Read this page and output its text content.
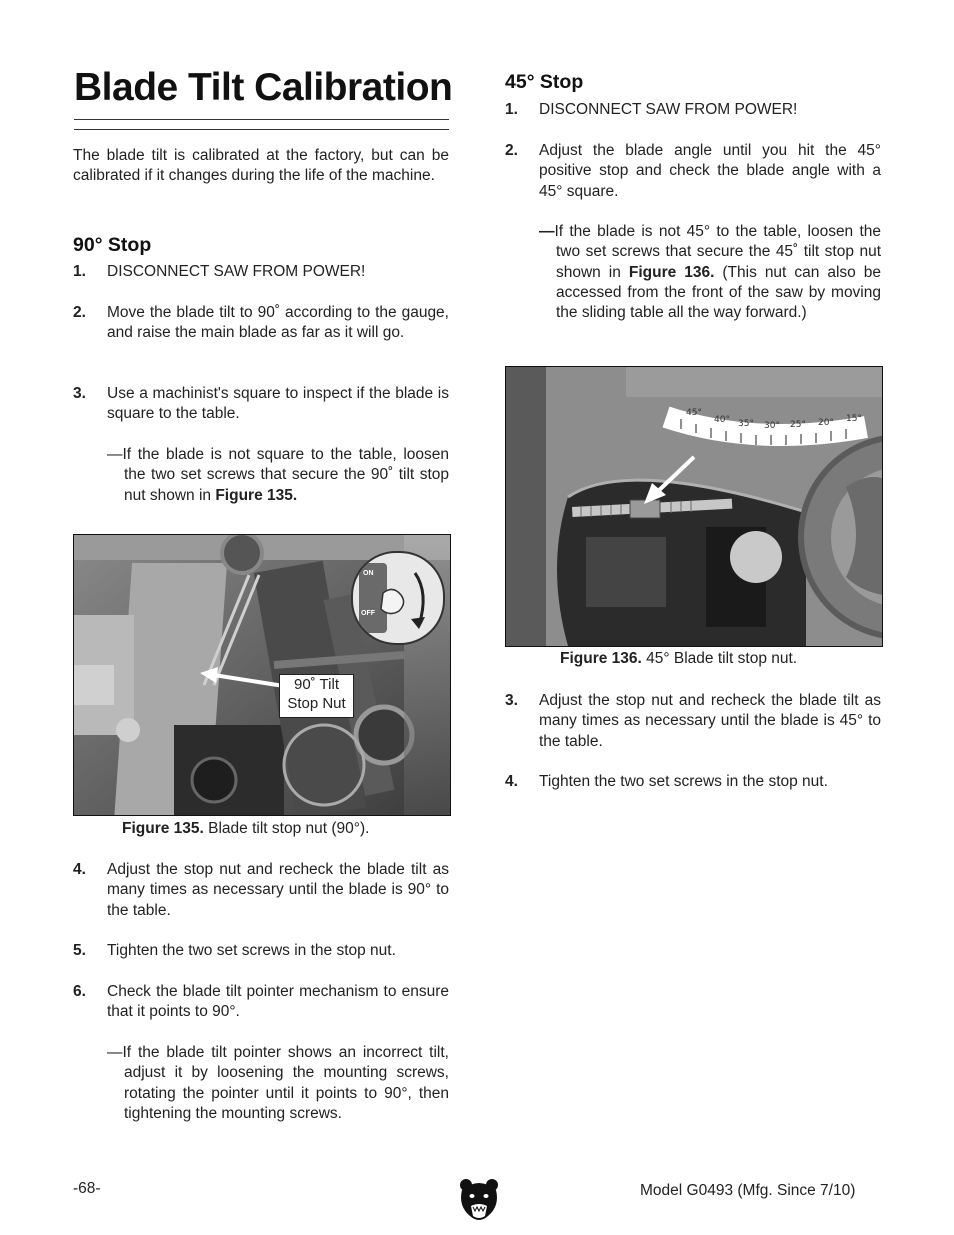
Blade Tilt Calibration
The blade tilt is calibrated at the factory, but can be calibrated if it changes during the life of the machine.
90° Stop
1. DISCONNECT SAW FROM POWER!
2. Move the blade tilt to 90˚ according to the gauge, and raise the main blade as far as it will go.
3. Use a machinist's square to inspect if the blade is square to the table.
—If the blade is not square to the table, loosen the two set screws that secure the 90˚ tilt stop nut shown in Figure 135.
ON
OFF
90˚ Tilt
Stop Nut
Figure 135. Blade tilt stop nut (90°).
4. Adjust the stop nut and recheck the blade tilt as many times as necessary until the blade is 90° to the table.
5. Tighten the two set screws in the stop nut.
6. Check the blade tilt pointer mechanism to ensure that it points to 90°.
—If the blade tilt pointer shows an incorrect tilt, adjust it by loosening the mounting screws, rotating the pointer until it points to 90°, then tightening the mounting screws.
45° Stop
1. DISCONNECT SAW FROM POWER!
2. Adjust the blade angle until you hit the 45° positive stop and check the blade angle with a 45° square.
—If the blade is not 45° to the table, loosen the two set screws that secure the 45˚ tilt stop nut shown in Figure 136. (This nut can also be accessed from the front of the saw by moving the sliding table all the way forward.)
45°
40° 35° 30° 25° 20° 15°
Figure 136. 45° Blade tilt stop nut.
3. Adjust the stop nut and recheck the blade tilt as many times as necessary until the blade is 45° to the table.
4. Tighten the two set screws in the stop nut.
-68-	Model G0493 (Mfg. Since 7/10)
